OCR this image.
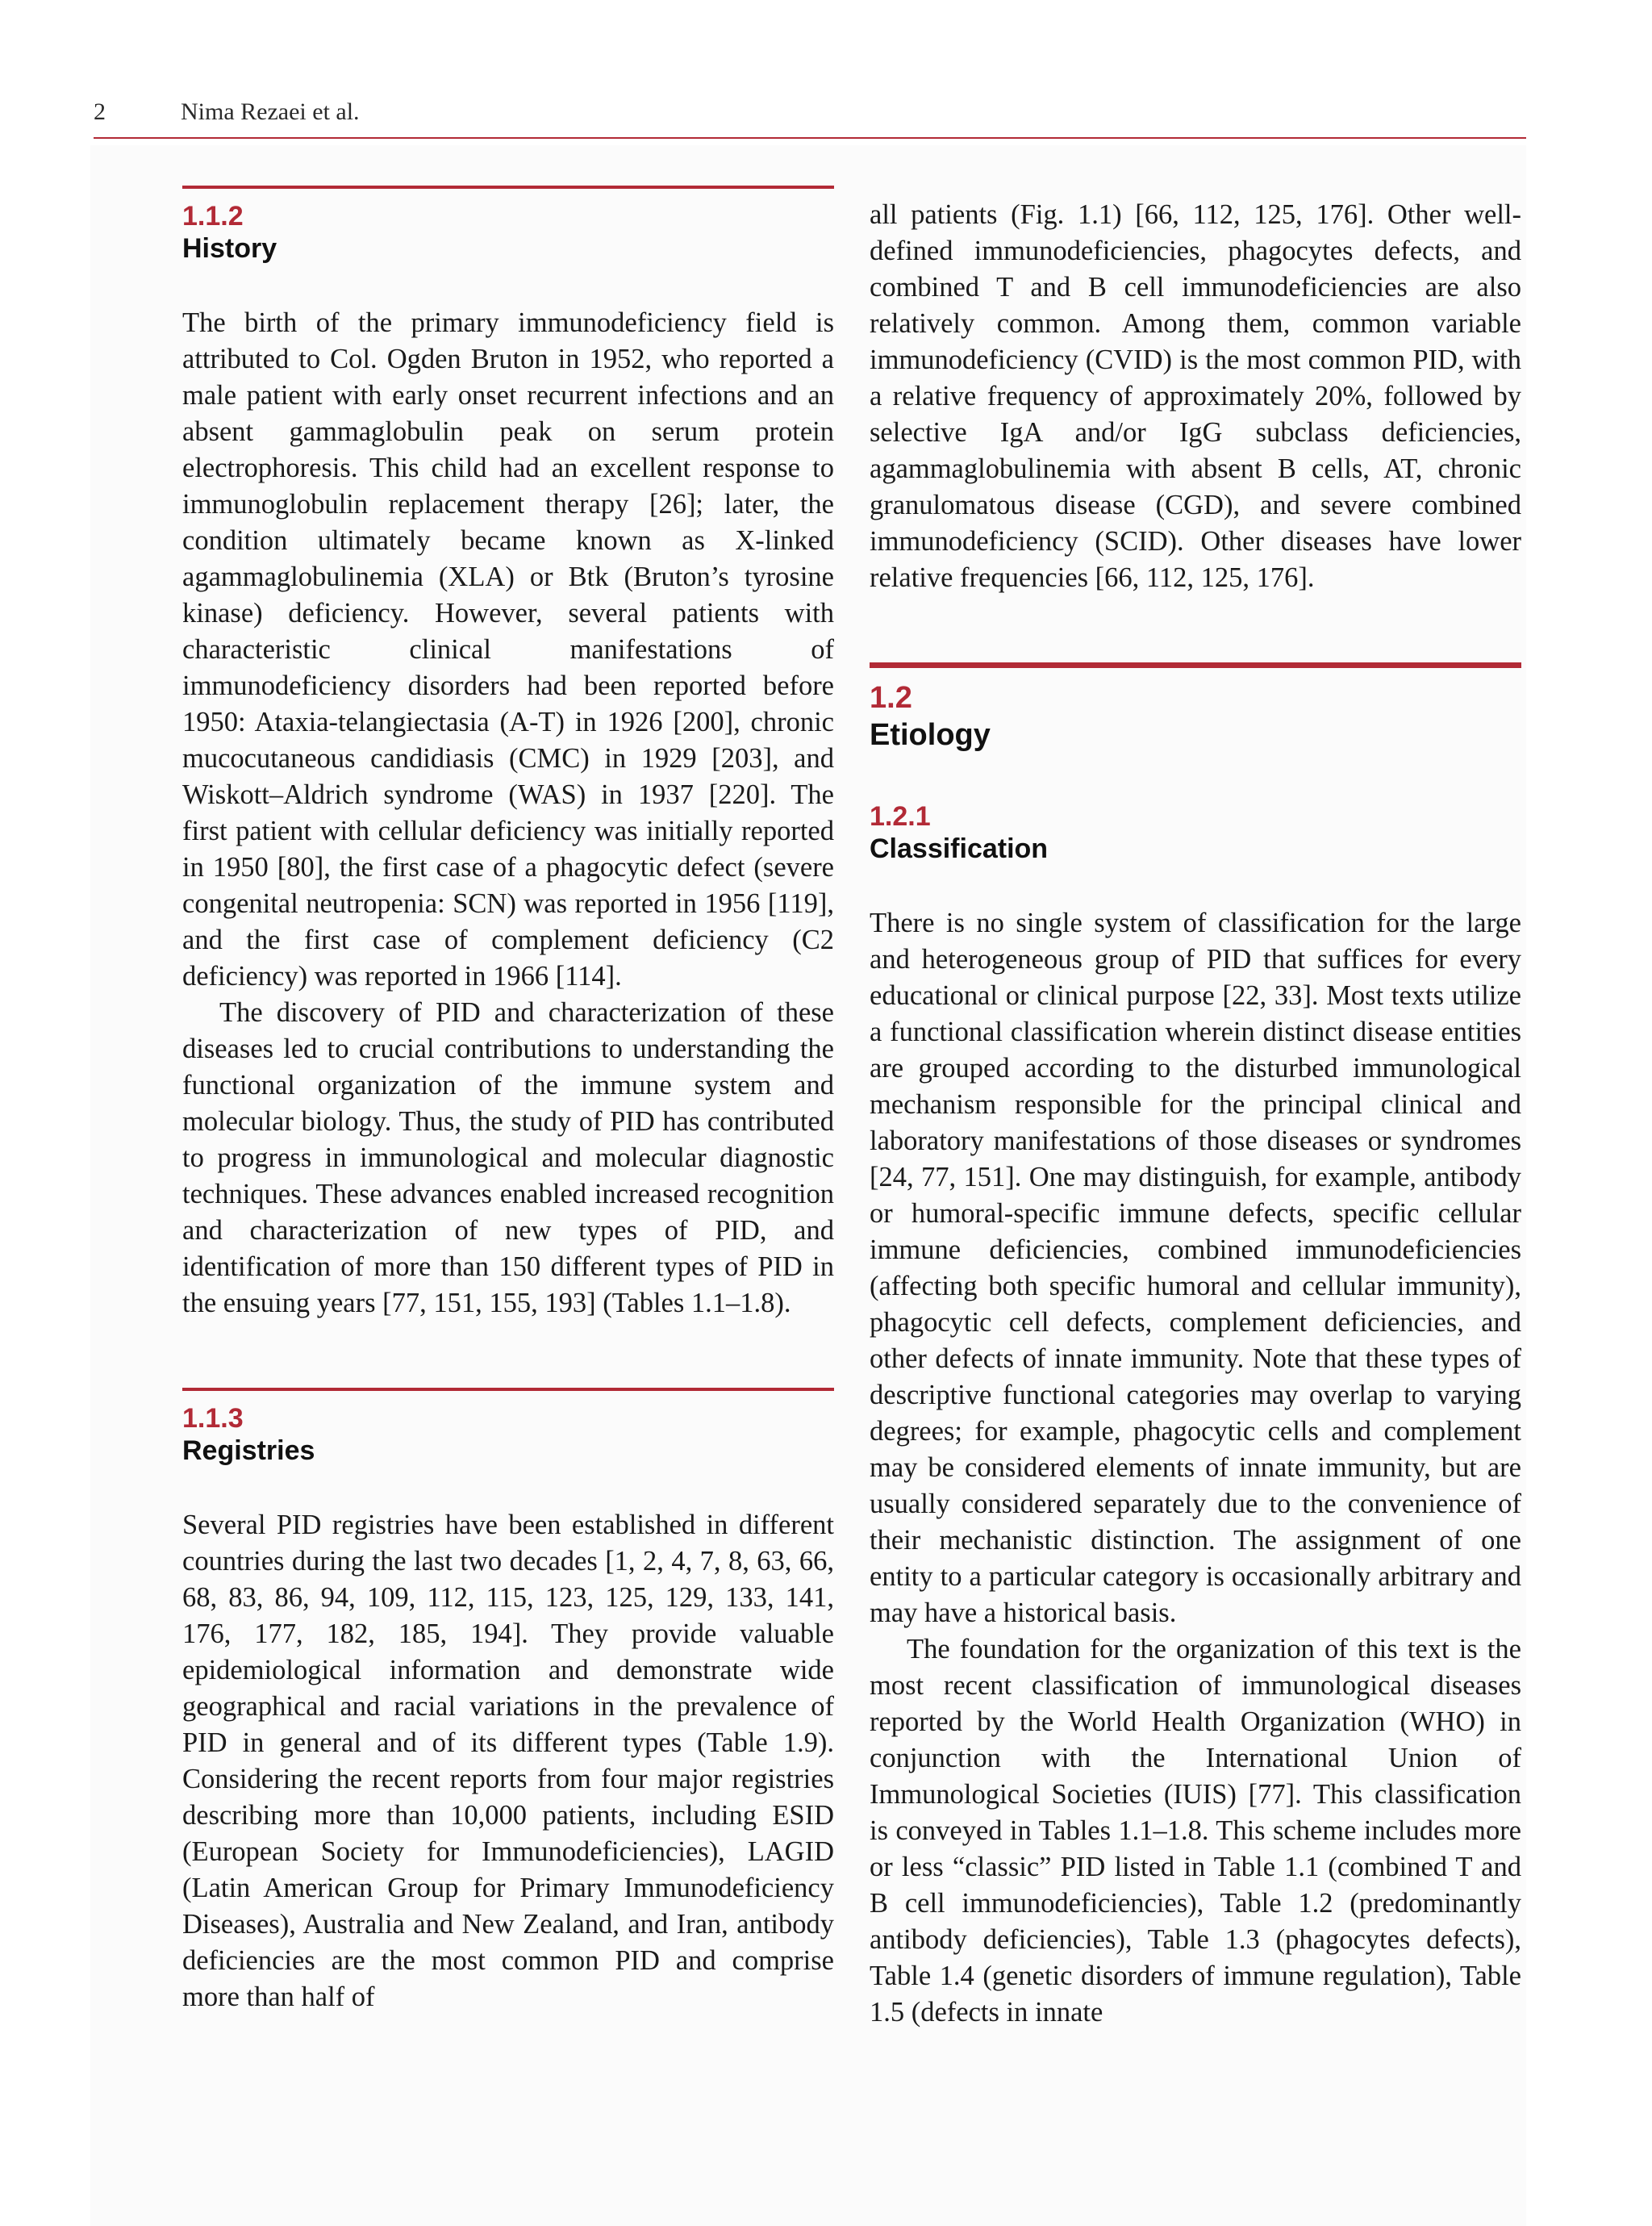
2	Nima Rezaei et al.
1.1.2
History

The birth of the primary immunodeficiency field is attributed to Col. Ogden Bruton in 1952, who reported a male patient with early onset recurrent infections and an absent gammaglobulin peak on serum protein electrophoresis. This child had an excellent response to immunoglobulin replacement therapy [26]; later, the condition ultimately became known as X-linked agammaglobulinemia (XLA) or Btk (Bruton’s tyrosine kinase) deficiency. However, several patients with characteristic clinical manifestations of immunodeficiency disorders had been reported before 1950: Ataxia-telangiectasia (A-T) in 1926 [200], chronic mucocutaneous candidiasis (CMC) in 1929 [203], and Wiskott–Aldrich syndrome (WAS) in 1937 [220]. The first patient with cellular deficiency was initially reported in 1950 [80], the first case of a phagocytic defect (severe congenital neutropenia: SCN) was reported in 1956 [119], and the first case of complement deficiency (C2 deficiency) was reported in 1966 [114].

The discovery of PID and characterization of these diseases led to crucial contributions to understanding the functional organization of the immune system and molecular biology. Thus, the study of PID has contributed to progress in immunological and molecular diagnostic techniques. These advances enabled increased recognition and characterization of new types of PID, and identification of more than 150 different types of PID in the ensuing years [77, 151, 155, 193] (Tables 1.1–1.8).

1.1.3
Registries

Several PID registries have been established in different countries during the last two decades [1, 2, 4, 7, 8, 63, 66, 68, 83, 86, 94, 109, 112, 115, 123, 125, 129, 133, 141, 176, 177, 182, 185, 194]. They provide valuable epidemiological information and demonstrate wide geographical and racial variations in the prevalence of PID in general and of its different types (Table 1.9). Considering the recent reports from four major registries describing more than 10,000 patients, including ESID (European Society for Immunodeficiencies), LAGID (Latin American Group for Primary Immunodeficiency Diseases), Australia and New Zealand, and Iran, antibody deficiencies are the most common PID and comprise more than half of

all patients (Fig. 1.1) [66, 112, 125, 176]. Other well-defined immunodeficiencies, phagocytes defects, and combined T and B cell immunodeficiencies are also relatively common. Among them, common variable immunodeficiency (CVID) is the most common PID, with a relative frequency of approximately 20%, followed by selective IgA and/or IgG subclass deficiencies, agammaglobulinemia with absent B cells, AT, chronic granulomatous disease (CGD), and severe combined immunodeficiency (SCID). Other diseases have lower relative frequencies [66, 112, 125, 176].

1.2
Etiology
1.2.1
Classification

There is no single system of classification for the large and heterogeneous group of PID that suffices for every educational or clinical purpose [22, 33]. Most texts utilize a functional classification wherein distinct disease entities are grouped according to the disturbed immunological mechanism responsible for the principal clinical and laboratory manifestations of those diseases or syndromes [24, 77, 151]. One may distinguish, for example, antibody or humoral-specific immune defects, specific cellular immune deficiencies, combined immunodeficiencies (affecting both specific humoral and cellular immunity), phagocytic cell defects, complement deficiencies, and other defects of innate immunity. Note that these types of descriptive functional categories may overlap to varying degrees; for example, phagocytic cells and complement may be considered elements of innate immunity, but are usually considered separately due to the convenience of their mechanistic distinction. The assignment of one entity to a particular category is occasionally arbitrary and may have a historical basis.

The foundation for the organization of this text is the most recent classification of immunological diseases reported by the World Health Organization (WHO) in conjunction with the International Union of Immunological Societies (IUIS) [77]. This classification is conveyed in Tables 1.1–1.8. This scheme includes more or less “classic” PID listed in Table 1.1 (combined T and B cell immunodeficiencies), Table 1.2 (predominantly antibody deficiencies), Table 1.3 (phagocytes defects), Table 1.4 (genetic disorders of immune regulation), Table 1.5 (defects in innate
